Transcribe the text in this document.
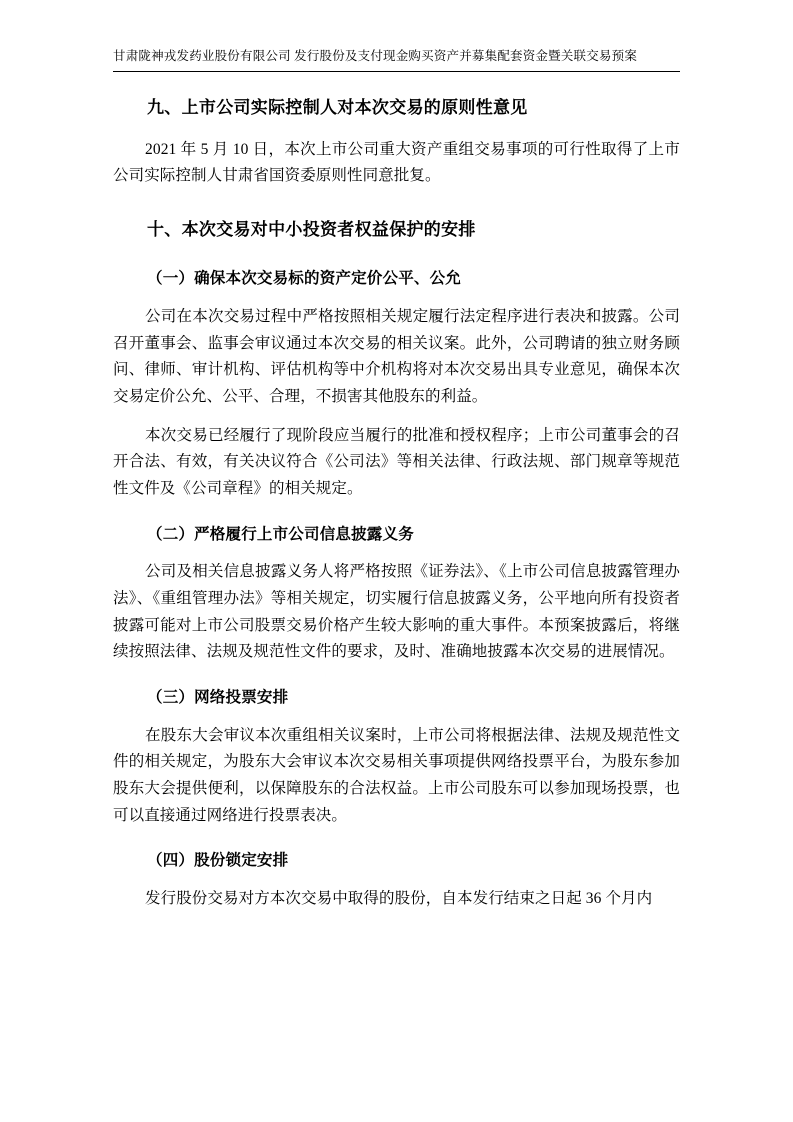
甘肃陇神戎发药业股份有限公司 发行股份及支付现金购买资产并募集配套资金暨关联交易预案
九、上市公司实际控制人对本次交易的原则性意见

2021 年 5 月 10 日，本次上市公司重大资产重组交易事项的可行性取得了上市公司实际控制人甘肃省国资委原则性同意批复。

十、本次交易对中小投资者权益保护的安排
（一）确保本次交易标的资产定价公平、公允

公司在本次交易过程中严格按照相关规定履行法定程序进行表决和披露。公司召开董事会、监事会审议通过本次交易的相关议案。此外，公司聘请的独立财务顾问、律师、审计机构、评估机构等中介机构将对本次交易出具专业意见，确保本次交易定价公允、公平、合理，不损害其他股东的利益。

本次交易已经履行了现阶段应当履行的批准和授权程序；上市公司董事会的召开合法、有效，有关决议符合《公司法》等相关法律、行政法规、部门规章等规范性文件及《公司章程》的相关规定。

（二）严格履行上市公司信息披露义务

公司及相关信息披露义务人将严格按照《证券法》、《上市公司信息披露管理办法》、《重组管理办法》等相关规定，切实履行信息披露义务，公平地向所有投资者披露可能对上市公司股票交易价格产生较大影响的重大事件。本预案披露后，将继续按照法律、法规及规范性文件的要求，及时、准确地披露本次交易的进展情况。

（三）网络投票安排

在股东大会审议本次重组相关议案时，上市公司将根据法律、法规及规范性文件的相关规定，为股东大会审议本次交易相关事项提供网络投票平台，为股东参加股东大会提供便利，以保障股东的合法权益。上市公司股东可以参加现场投票，也可以直接通过网络进行投票表决。

（四）股份锁定安排

发行股份交易对方本次交易中取得的股份，自本发行结束之日起 36 个月内
